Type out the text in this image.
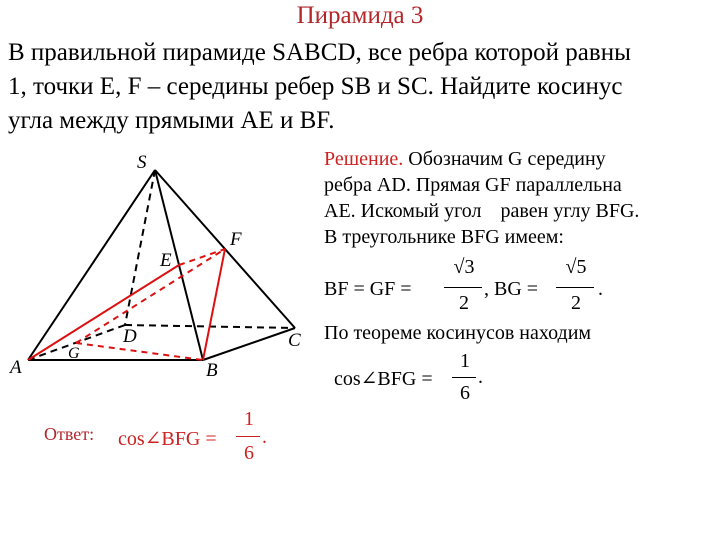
Пирамида 3
В правильной пирамиде SABCD, все ребра которой равны
1, точки E, F – середины ребер SB и SC. Найдите косинус
угла между прямыми AE и BF.
S
E
F
A	B
C
D
G
Решение. Обозначим G середину
ребра AD. Прямая GF параллельна
AE. Искомый угол равен углу BFG.
В треугольнике BFG имеем:
BF = GF =
√3
2
, BG =
√5
2
.
По теореме косинусов находим
cos∠BFG =
1
6
.
Ответ: cos∠BFG =
1
6
.
